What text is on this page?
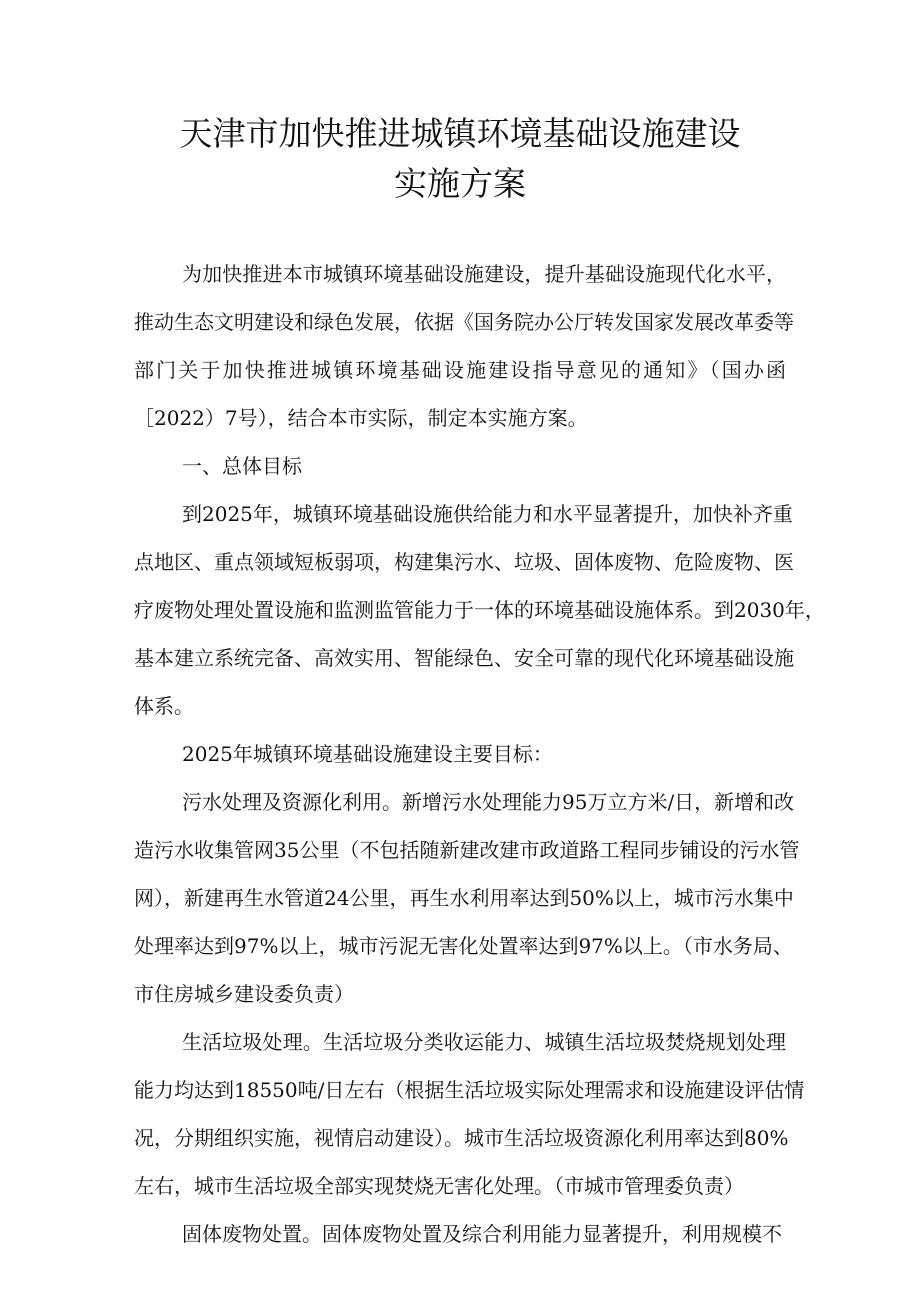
天津市加快推进城镇环境基础设施建设
实施方案
为加快推进本市城镇环境基础设施建设，提升基础设施现代化水平，
推动生态文明建设和绿色发展，依据《国务院办公厅转发国家发展改革委等
部门关于加快推进城镇环境基础设施建设指导意见的通知》（国办函
［2022）7号），结合本市实际，制定本实施方案。
一、总体目标
到2025年，城镇环境基础设施供给能力和水平显著提升，加快补齐重
点地区、重点领域短板弱项，构建集污水、垃圾、固体废物、危险废物、医
疗废物处理处置设施和监测监管能力于一体的环境基础设施体系。到2030年，
基本建立系统完备、高效实用、智能绿色、安全可靠的现代化环境基础设施
体系。
2025年城镇环境基础设施建设主要目标：
污水处理及资源化利用。新增污水处理能力95万立方米/日，新增和改
造污水收集管网35公里（不包括随新建改建市政道路工程同步铺设的污水管
网），新建再生水管道24公里，再生水利用率达到50%以上，城市污水集中
处理率达到97%以上，城市污泥无害化处置率达到97%以上。（市水务局、
市住房城乡建设委负责）
生活垃圾处理。生活垃圾分类收运能力、城镇生活垃圾焚烧规划处理
能力均达到18550吨/日左右（根据生活垃圾实际处理需求和设施建设评估情
况，分期组织实施，视情启动建设）。城市生活垃圾资源化利用率达到80%
左右，城市生活垃圾全部实现焚烧无害化处理。（市城市管理委负责）
固体废物处置。固体废物处置及综合利用能力显著提升，利用规模不
